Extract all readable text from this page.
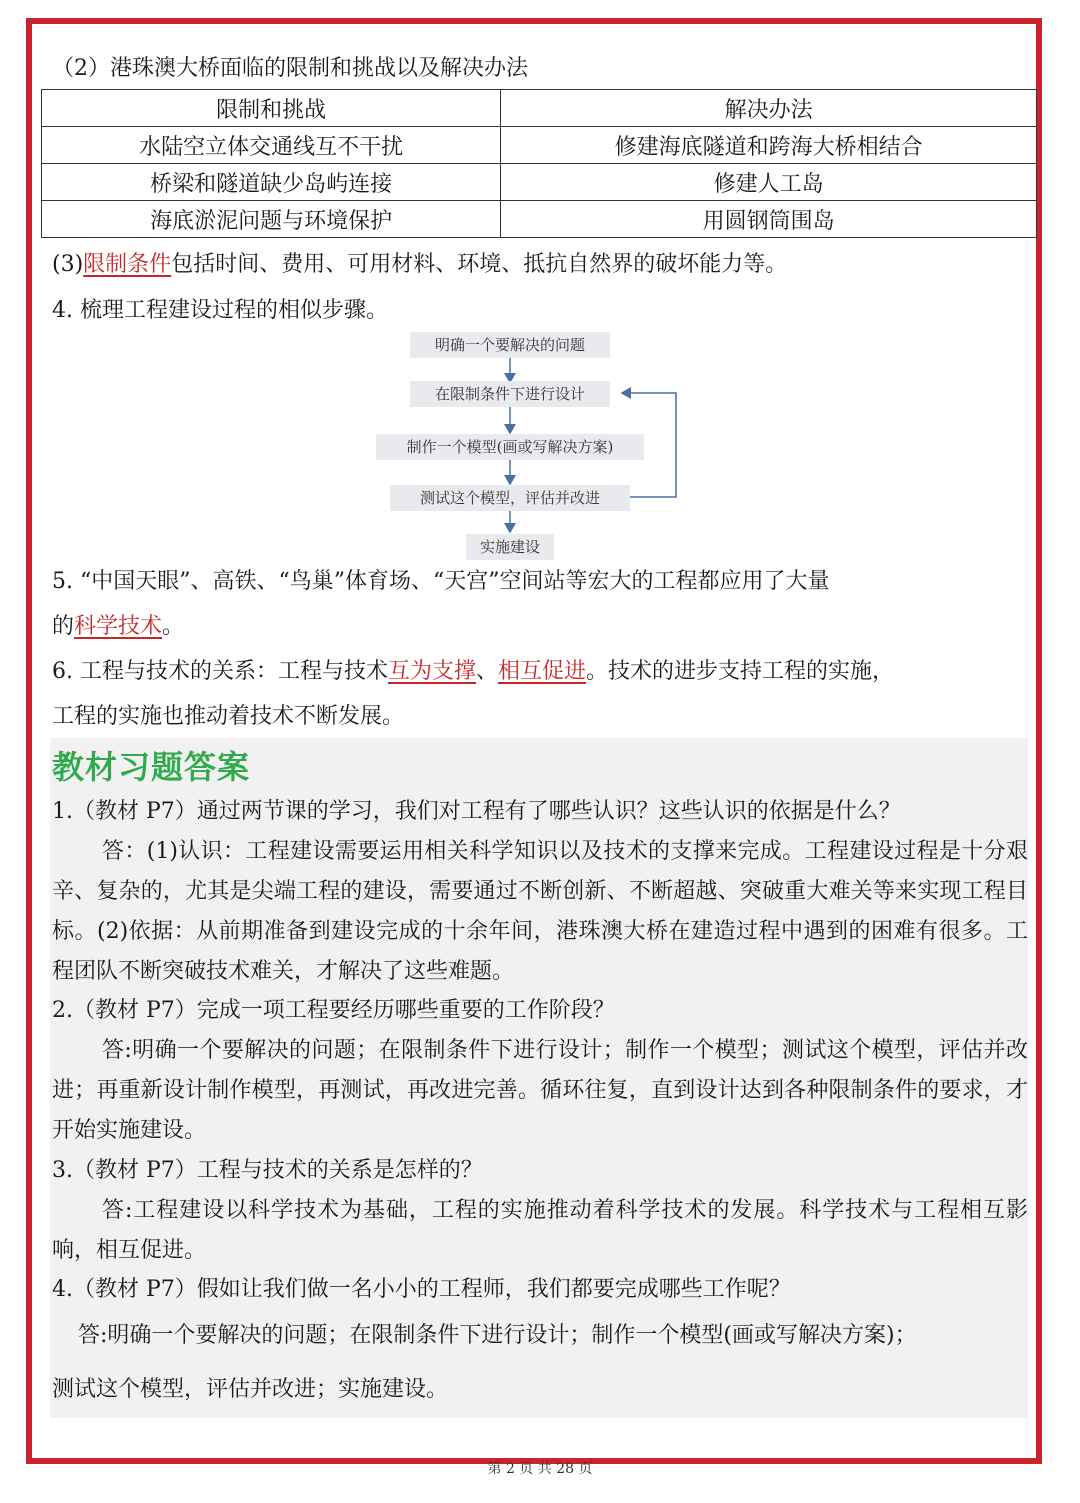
（2）港珠澳大桥面临的限制和挑战以及解决办法
限制和挑战	解决办法
水陆空立体交通线互不干扰	修建海底隧道和跨海大桥相结合
桥梁和隧道缺少岛屿连接	修建人工岛
海底淤泥问题与环境保护	用圆钢筒围岛
(3)限制条件包括时间、费用、可用材料、环境、抵抗自然界的破坏能力等。
4. 梳理工程建设过程的相似步骤。
明确一个要解决的问题
在限制条件下进行设计
制作一个模型(画或写解决方案)
测试这个模型，评估并改进
实施建设
5. “中国天眼”、高铁、“鸟巢”体育场、“天宫”空间站等宏大的工程都应用了大量
的科学技术。
6. 工程与技术的关系：工程与技术互为支撑、相互促进。技术的进步支持工程的实施，
工程的实施也推动着技术不断发展。
教材习题答案
1.（教材 P7）通过两节课的学习，我们对工程有了哪些认识？这些认识的依据是什么？
答：(1)认识：工程建设需要运用相关科学知识以及技术的支撑来完成。工程建设过程是十分艰辛、复杂的，尤其是尖端工程的建设，需要通过不断创新、不断超越、突破重大难关等来实现工程目标。(2)依据：从前期准备到建设完成的十余年间，港珠澳大桥在建造过程中遇到的困难有很多。工程团队不断突破技术难关，才解决了这些难题。
2.（教材 P7）完成一项工程要经历哪些重要的工作阶段？
答:明确一个要解决的问题；在限制条件下进行设计；制作一个模型；测试这个模型，评估并改进；再重新设计制作模型，再测试，再改进完善。循环往复，直到设计达到各种限制条件的要求，才开始实施建设。
3.（教材 P7）工程与技术的关系是怎样的？
答:工程建设以科学技术为基础，工程的实施推动着科学技术的发展。科学技术与工程相互影响，相互促进。
4.（教材 P7）假如让我们做一名小小的工程师，我们都要完成哪些工作呢？
答:明确一个要解决的问题；在限制条件下进行设计；制作一个模型(画或写解决方案)；
测试这个模型，评估并改进；实施建设。
第 2 页 共 28 页
